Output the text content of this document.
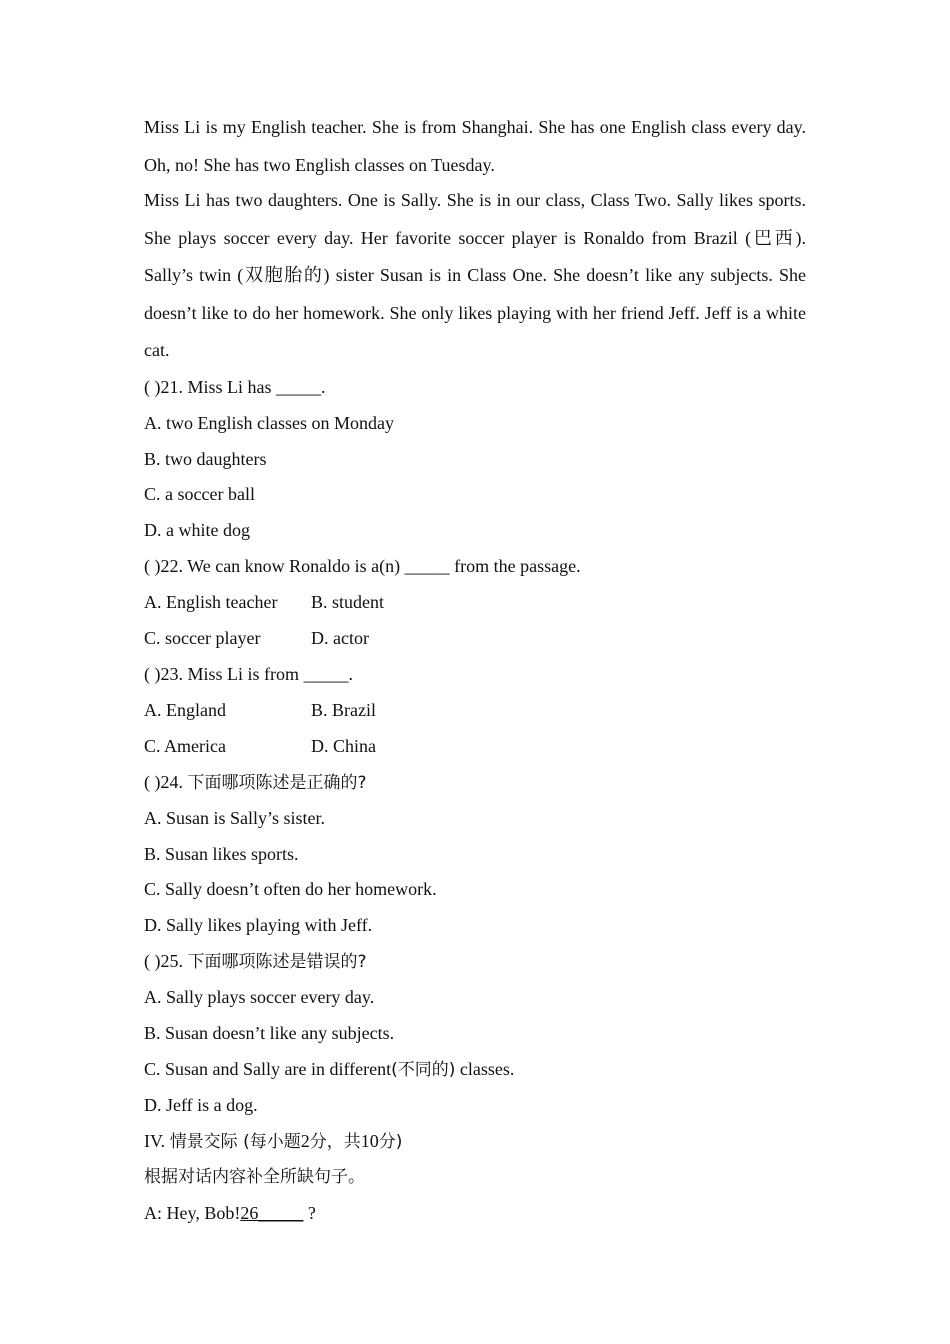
Miss Li is my English teacher. She is from Shanghai. She has one English class every day. Oh, no! She has two English classes on Tuesday.

Miss Li has two daughters. One is Sally. She is in our class, Class Two. Sally likes sports. She plays soccer every day. Her favorite soccer player is Ronaldo from Brazil (巴西). Sally’s twin (双胞胎的) sister Susan is in Class One. She doesn’t like any subjects. She doesn’t like to do her homework. She only likes playing with her friend Jeff. Jeff is a white cat.

( )21. Miss Li has _____.
A. two English classes on Monday
B. two daughters
C. a soccer ball
D. a white dog
( )22. We can know Ronaldo is a(n) _____ from the passage.
A. English teacher B. student
C. soccer player	D. actor
( )23. Miss Li is from _____.
A. England	B. Brazil
C. America	D. China
( )24. 下面哪项陈述是正确的?
A. Susan is Sally’s sister.
B. Susan likes sports.
C. Sally doesn’t often do her homework.
D. Sally likes playing with Jeff.
( )25. 下面哪项陈述是错误的?
A. Sally plays soccer every day.
B. Susan doesn’t like any subjects.
C. Susan and Sally are in different(不同的) classes.
D. Jeff is a dog.
IV. 情景交际 (每小题2分，共10分)
根据对话内容补全所缺句子。
A: Hey, Bob!26_____ ?
